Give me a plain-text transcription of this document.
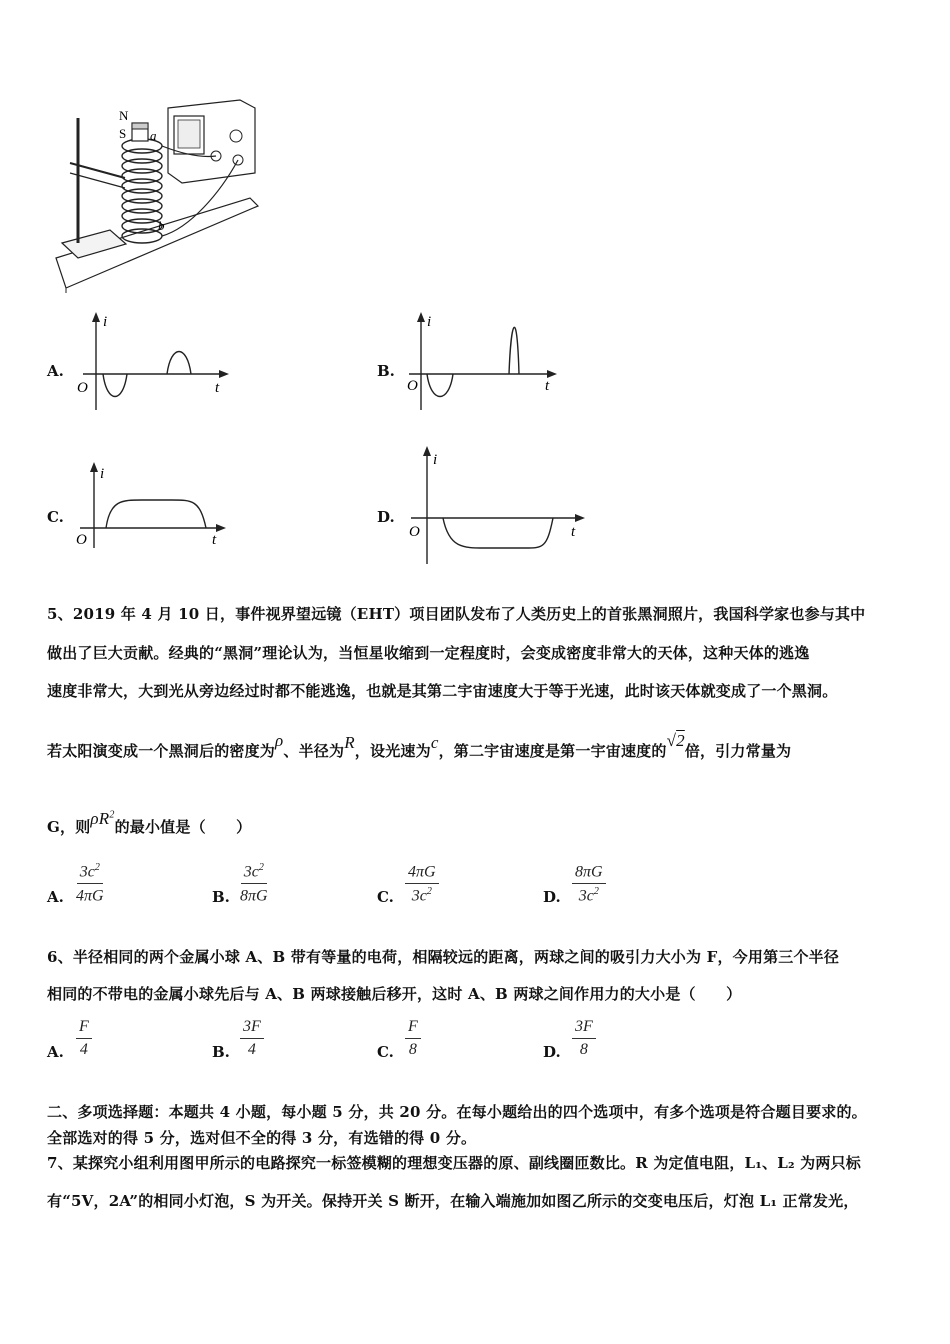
N
S a
b
A.
i
t
O
B.
i
t
O
C.
i
t
O
D.
i
t
O
5、2019 年 4 月 10 日，事件视界望远镜（EHT）项目团队发布了人类历史上的首张黑洞照片，我国科学家也参与其中
做出了巨大贡献。经典的“黑洞”理论认为，当恒星收缩到一定程度时，会变成密度非常大的天体，这种天体的逃逸
速度非常大，大到光从旁边经过时都不能逃逸，也就是其第二宇宙速度大于等于光速，此时该天体就变成了一个黑洞。
若太阳演变成一个黑洞后的密度为ρ、半径为R，设光速为c，第二宇宙速度是第一宇宙速度的√2倍，引力常量为
G，则$\rho R^2$的最小值是（　　）
A. $\frac{3c^2}{4\pi G}$	B. $\frac{3c^2}{8\pi G}$	C. $\frac{4\pi G}{3c^2}$	D. $\frac{8\pi G}{3c^2}$
6、半径相同的两个金属小球 A、B 带有等量的电荷，相隔较远的距离，两球之间的吸引力大小为 F，今用第三个半径
相同的不带电的金属小球先后与 A、B 两球接触后移开，这时 A、B 两球之间作用力的大小是（　　）
A. $\frac{F}{4}$	B. $\frac{3F}{4}$	C. $\frac{F}{8}$	D. $\frac{3F}{8}$
二、多项选择题：本题共 4 小题，每小题 5 分，共 20 分。在每小题给出的四个选项中，有多个选项是符合题目要求的。
全部选对的得 5 分，选对但不全的得 3 分，有选错的得 0 分。
7、某探究小组利用图甲所示的电路探究一标签模糊的理想变压器的原、副线圈匝数比。R 为定值电阻，L₁、L₂ 为两只标
有“5V，2A”的相同小灯泡，S 为开关。保持开关 S 断开，在输入端施加如图乙所示的交变电压后，灯泡 L₁ 正常发光，
